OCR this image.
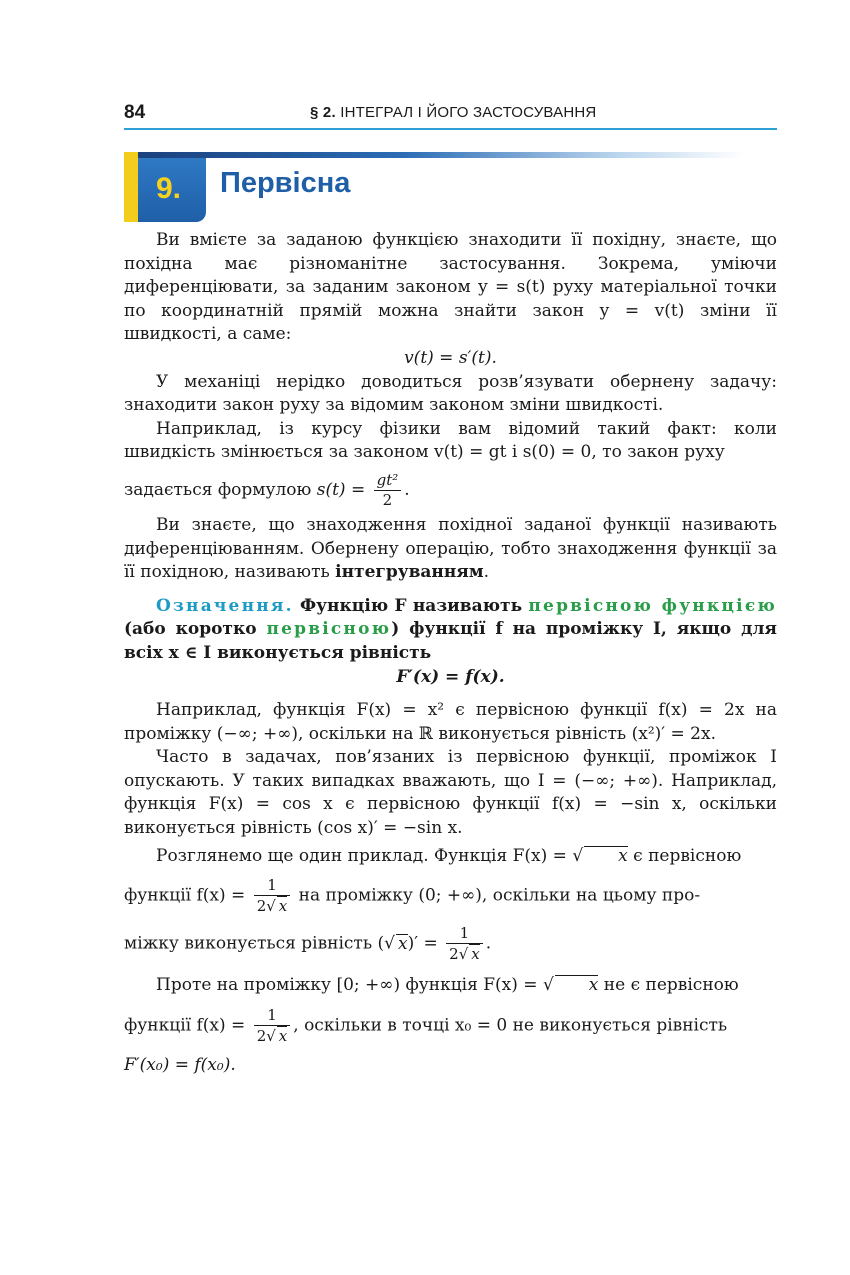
84	§ 2. ІНТЕГРАЛ І ЙОГО ЗАСТОСУВАННЯ
9. Первісна

Ви вмієте за заданою функцією знаходити її похідну, знаєте, що похідна має різноманітне застосування. Зокрема, уміючи диференціювати, за заданим законом y = s(t) руху матеріальної точки по координатній прямій можна знайти закон y = v(t) зміни її швидкості, а саме:

v(t) = s′(t).

У механіці нерідко доводиться розв’язувати обернену задачу: знаходити закон руху за відомим законом зміни швидкості.

Наприклад, із курсу фізики вам відомий такий факт: коли швидкість змінюється за законом v(t) = gt і s(0) = 0, то закон руху

задається формулою $s(t) = \frac{\text{gt²}}{2}$ .

Ви знаєте, що знаходження похідної заданої функції називають диференціюванням. Обернену операцію, тобто знаходження функції за її похідною, називають інтегруванням.

Означення. Функцію F називають первісною функцією (або коротко первісною) функції f на проміжку I, якщо для всіх x ∈ I виконується рівність

F′(x) = f(x).

Наприклад, функція F(x) = x² є первісною функції f(x) = 2x на проміжку (−∞; +∞), оскільки на ℝ виконується рівність (x²)′ = 2x.

Часто в задачах, пов’язаних із первісною функції, проміжок I опускають. У таких випадках вважають, що I = (−∞; +∞). Наприклад, функція F(x) = cos x є первісною функції f(x) = −sin x, оскільки виконується рівність (cos x)′ = −sin x.

Розглянемо ще один приклад. Функція F(x) = √ x є первісною

функції $f(x) = \frac{1}{2√ x}$ на проміжку (0; +∞), оскільки на цьому про-

міжку виконується рівність (√ $x)' = \frac{1}{2√ x}$ .

Проте на проміжку [0; +∞) функція F(x) = √ x не є первісною

функції $f(x) = \frac{1}{2√ x}$ , оскільки в точці x₀ = 0 не виконується рівність

F′(x₀) = f(x₀).
